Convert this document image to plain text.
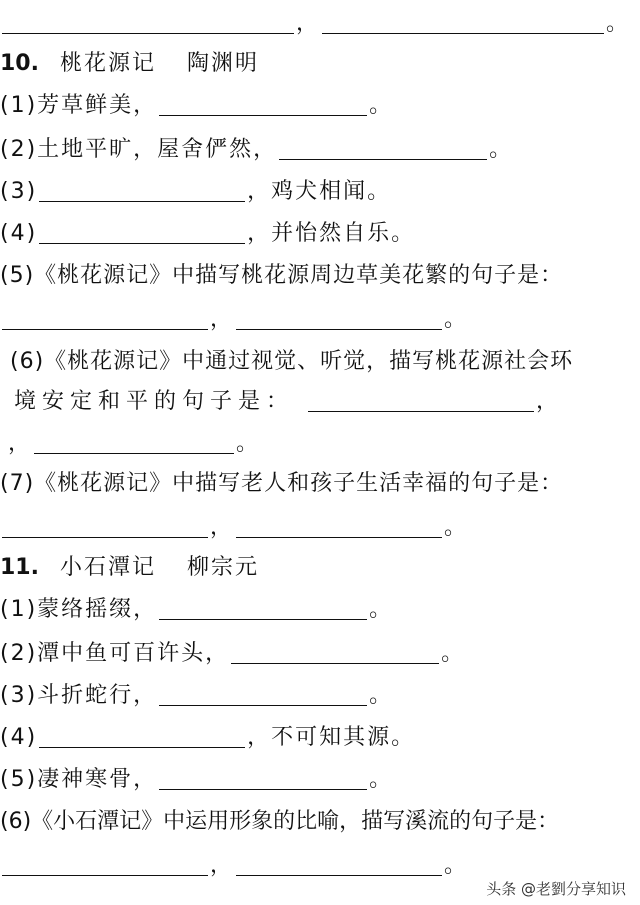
，	。
10. 桃花源记 陶渊明
(1)芳草鲜美，	。
(2)土地平旷，屋舍俨然，	。
(3)	，鸡犬相闻。
(4)	，并怡然自乐。
(5)《桃花源记》中描写桃花源周边草美花繁的句子是：
，	。
(6)《桃花源记》中通过视觉、听觉，描写桃花源社会环
境安定和平的句子是：	，
，	。
(7)《桃花源记》中描写老人和孩子生活幸福的句子是：
，	。
11. 小石潭记 柳宗元
(1)蒙络摇缀，	。
(2)潭中鱼可百许头，	。
(3)斗折蛇行，	。
(4)	，不可知其源。
(5)凄神寒骨，	。
(6)《小石潭记》中运用形象的比喻，描写溪流的句子是：
，	。
头条 @老劉分享知识
